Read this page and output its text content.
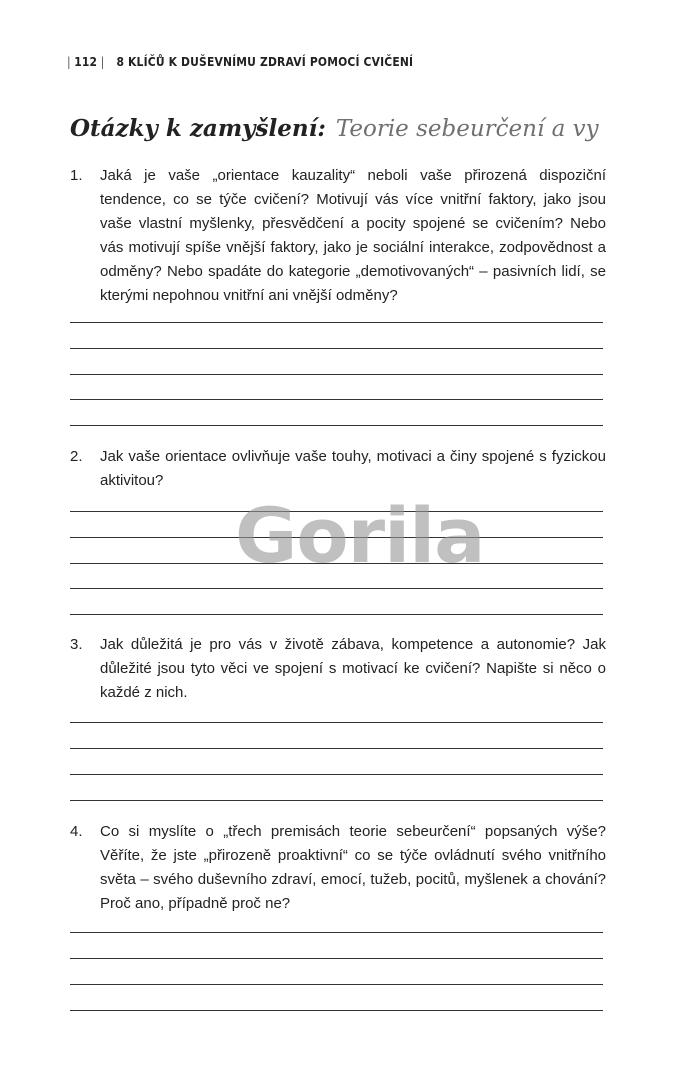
| 112 | 8 KLÍČŮ K DUŠEVNÍMU ZDRAVÍ POMOCÍ CVIČENÍ
Otázky k zamyšlení: Teorie sebeurčení a vy
1. Jaká je vaše „orientace kauzality“ neboli vaše přirozená dispoziční tendence, co se týče cvičení? Motivují vás více vnitřní faktory, jako jsou vaše vlastní myšlenky, přesvědčení a pocity spojené se cvičením? Nebo vás motivují spíše vnější faktory, jako je sociální interakce, zodpovědnost a odměny? Nebo spadáte do kategorie „demotivovaných“ – pasivních lidí, se kterými nepohnou vnitřní ani vnější odměny?
2. Jak vaše orientace ovlivňuje vaše touhy, motivaci a činy spojené s fyzickou aktivitou?
3. Jak důležitá je pro vás v životě zábava, kompetence a autonomie? Jak důležité jsou tyto věci ve spojení s motivací ke cvičení? Napište si něco o každé z nich.
4. Co si myslíte o „třech premisách teorie sebeurčení“ popsaných výše? Věříte, že jste „přirozeně proaktivní“ co se týče ovládnutí svého vnitřního světa – svého duševního zdraví, emocí, tužeb, pocitů, myšlenek a chování? Proč ano, případně proč ne?
Gorila
